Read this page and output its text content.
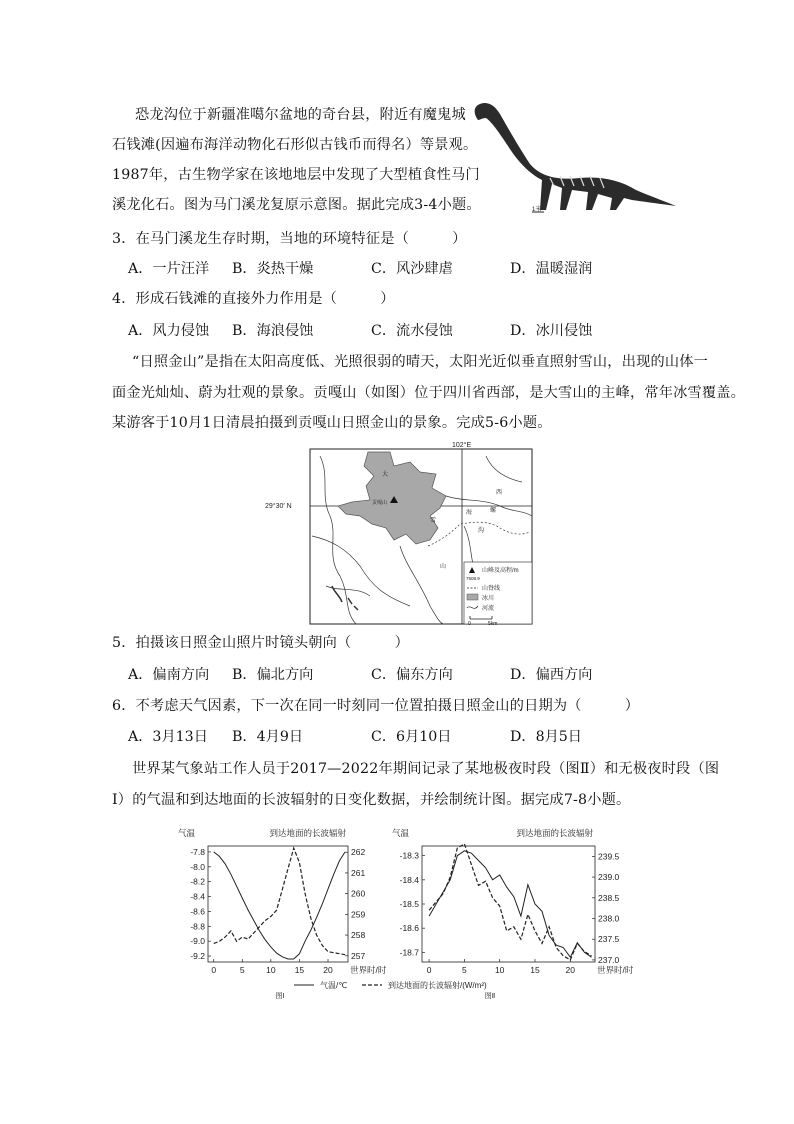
恐龙沟位于新疆准噶尔盆地的奇台县，附近有魔鬼城
石钱滩(因遍布海洋动物化石形似古钱币而得名）等景观。
1987年，古生物学家在该地地层中发现了大型植食性马门
溪龙化石。图为马门溪龙复原示意图。据此完成3-4小题。	1米
3．在马门溪龙生存时期，当地的环境特征是（　　　）
A．一片汪洋 B．炎热干燥	C．风沙肆虐	D．温暖湿润
4．形成石钱滩的直接外力作用是（　　　）
A．风力侵蚀 B．海浪侵蚀	C．流水侵蚀	D．冰川侵蚀
“日照金山”是指在太阳高度低、光照很弱的晴天，太阳光近似垂直照射雪山，出现的山体一
面金光灿灿、蔚为壮观的景象。贡嘎山（如图）位于四川省西部，是大雪山的主峰，常年冰雪覆盖。
某游客于10月1日清晨拍摄到贡嘎山日照金山的景象。完成5-6小题。
102°E
29°30′ N	贡嘎山
大
雪
山
西
海	螺
沟
7508.9
山峰及高程/m
山脊线
冰川
河流
0	5km
5．拍摄该日照金山照片时镜头朝向（　　　）
A．偏南方向 B．偏北方向	C．偏东方向	D．偏西方向
6．不考虑天气因素，下一次在同一时刻同一位置拍摄日照金山的日期为（　　　）
A．3月13日 B．4月9日	C．6月10日	D．8月5日
世界某气象站工作人员于2017—2022年期间记录了某地极夜时段（图Ⅱ）和无极夜时段（图
Ⅰ）的气温和到达地面的长波辐射的日变化数据，并绘制统计图。据完成7-8小题。
气温	到达地面的长波辐射
-7.8
-8.0
-8.2
-8.4
-8.6
-8.8
-9.0
-9.2
262
261
260
259
258
257
0	5	10 15 20 世界时/时
图Ⅰ
气温	到达地面的长波辐射
-18.3
-18.4
-18.5
-18.6
-18.7
239.5
239.0
238.5
238.0
237.5
237.0
0	5	10	15	20	世界时/时
图Ⅱ
气温/℃	到达地面的长波辐射/(W/m²)
